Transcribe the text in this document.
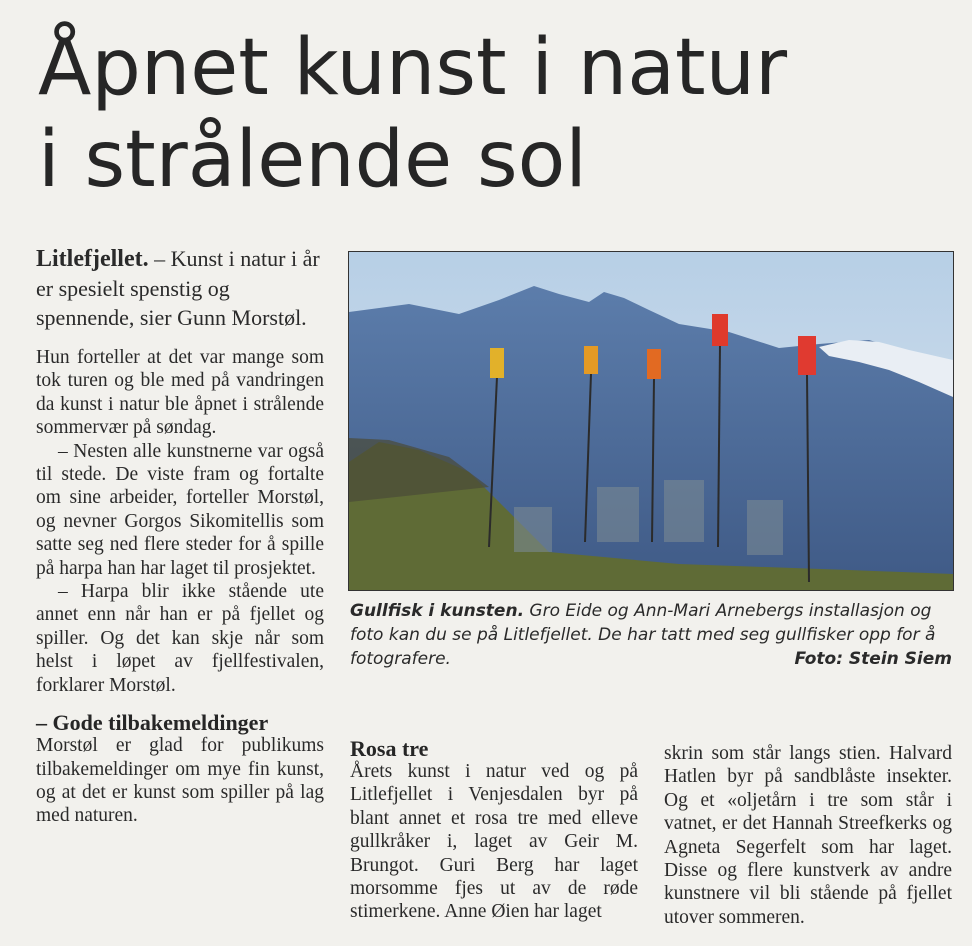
Åpnet kunst i natur
i strålende sol

Litlefjellet. – Kunst i natur i år er spesielt spenstig og spennende, sier Gunn Morstøl.

Hun forteller at det var mange som tok turen og ble med på vandringen da kunst i natur ble åpnet i strålende sommervær på søndag.

– Nesten alle kunstnerne var også til stede. De viste fram og fortalte om sine arbeider, forteller Morstøl, og nevner Gorgos Sikomitellis som satte seg ned flere steder for å spille på harpa han har laget til prosjektet.

– Harpa blir ikke stående ute annet enn når han er på fjellet og spiller. Og det kan skje når som helst i løpet av fjellfestivalen, forklarer Morstøl.

– Gode tilbakemeldinger

Morstøl er glad for publikums tilbakemeldinger om mye fin kunst, og at det er kunst som spiller på lag med naturen.

Gullfisk i kunsten. Gro Eide og Ann-Mari Arnebergs installasjon og foto kan du se på Litlefjellet. De har tatt med seg gullfisker opp for å fotografere.	Foto: Stein Siem
Rosa tre

Årets kunst i natur ved og på Litlefjellet i Venjesdalen byr på blant annet et rosa tre med elleve gullkråker i, laget av Geir M. Brungot. Guri Berg har laget morsomme fjes ut av de røde stimerkene. Anne Øien har laget

skrin som står langs stien. Halvard Hatlen byr på sandblåste insekter. Og et «oljetårn i tre som står i vatnet, er det Hannah Streefkerks og Agneta Segerfelt som har laget. Disse og flere kunstverk av andre kunstnere vil bli stående på fjellet utover sommeren.
